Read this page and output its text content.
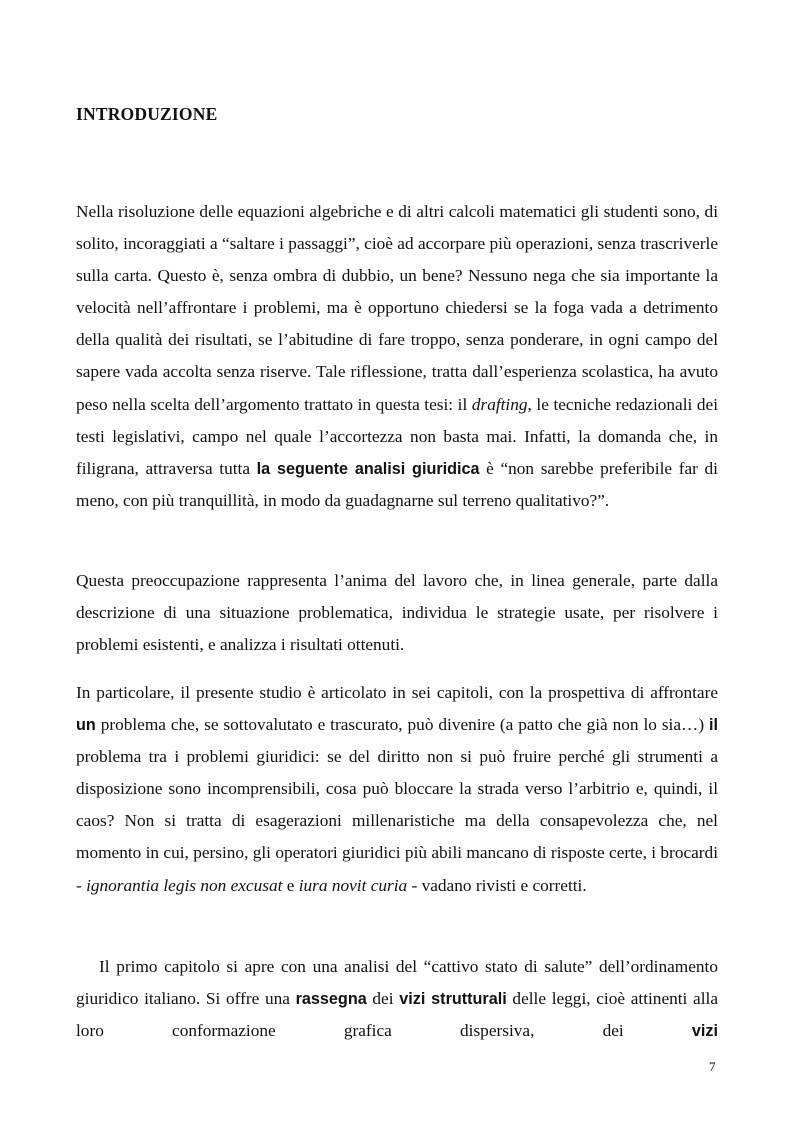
INTRODUZIONE
Nella risoluzione delle equazioni algebriche e di altri calcoli matematici gli studenti sono, di solito, incoraggiati a “saltare i passaggi”, cioè ad accorpare più operazioni, senza trascriverle sulla carta. Questo è, senza ombra di dubbio, un bene? Nessuno nega che sia importante la velocità nell’affrontare i problemi, ma è opportuno chiedersi se la foga vada a detrimento della qualità dei risultati, se l’abitudine di fare troppo, senza ponderare, in ogni campo del sapere vada accolta senza riserve. Tale riflessione, tratta dall’esperienza scolastica, ha avuto peso nella scelta dell’argomento trattato in questa tesi: il drafting, le tecniche redazionali dei testi legislativi, campo nel quale l’accortezza non basta mai. Infatti, la domanda che, in filigrana, attraversa tutta la seguente analisi giuridica è “non sarebbe preferibile far di meno, con più tranquillità, in modo da guadagnarne sul terreno qualitativo?”.
Questa preoccupazione rappresenta l’anima del lavoro che, in linea generale, parte dalla descrizione di una situazione problematica, individua le strategie usate, per risolvere i problemi esistenti, e analizza i risultati ottenuti.
In particolare, il presente studio è articolato in sei capitoli, con la prospettiva di affrontare un problema che, se sottovalutato e trascurato, può divenire (a patto che già non lo sia…) il problema tra i problemi giuridici: se del diritto non si può fruire perché gli strumenti a disposizione sono incomprensibili, cosa può bloccare la strada verso l’arbitrio e, quindi, il caos? Non si tratta di esagerazioni millenaristiche ma della consapevolezza che, nel momento in cui, persino, gli operatori giuridici più abili mancano di risposte certe, i brocardi - ignorantia legis non excusat e iura novit curia - vadano rivisti e corretti.
Il primo capitolo si apre con una analisi del “cattivo stato di salute” dell’ordinamento giuridico italiano. Si offre una rassegna dei vizi strutturali delle leggi, cioè attinenti alla loro conformazione grafica dispersiva, dei vizi
7
